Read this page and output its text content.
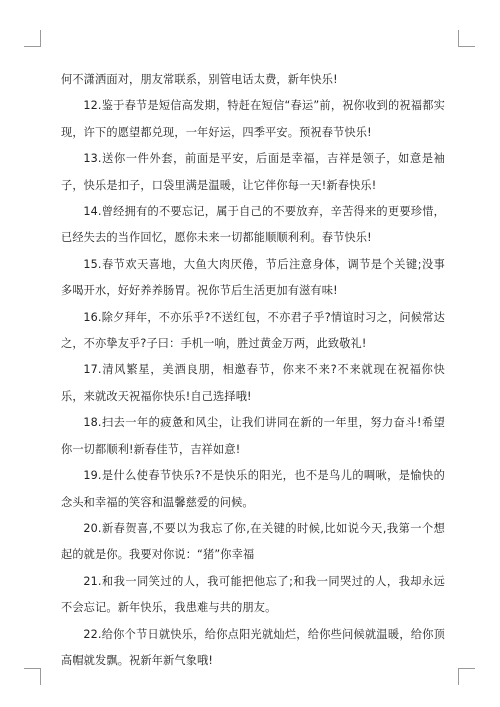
何不潇洒面对，朋友常联系，别管电话太费，新年快乐!

12.鉴于春节是短信高发期，特赶在短信“春运”前，祝你收到的祝福都实现，许下的愿望都兑现，一年好运，四季平安。预祝春节快乐!

13.送你一件外套，前面是平安，后面是幸福，吉祥是领子，如意是袖子，快乐是扣子，口袋里满是温暖，让它伴你每一天!新春快乐!

14.曾经拥有的不要忘记，属于自己的不要放弃，辛苦得来的更要珍惜，已经失去的当作回忆，愿你未来一切都能顺顺利利。春节快乐!

15.春节欢天喜地，大鱼大肉厌倦，节后注意身体，调节是个关键;没事多喝开水，好好养养肠胃。祝你节后生活更加有滋有味!

16.除夕拜年，不亦乐乎?不送红包，不亦君子乎?情谊时习之，问候常达之，不亦挚友乎?子曰：手机一响，胜过黄金万两，此致敬礼!

17.清风繁星，美酒良朋，相邀春节，你来不来?不来就现在祝福你快乐，来就改天祝福你快乐!自己选择哦!

18.扫去一年的疲惫和风尘，让我们讲同在新的一年里，努力奋斗!希望你一切都顺利!新春佳节，吉祥如意!

19.是什么使春节快乐?不是快乐的阳光，也不是鸟儿的啁啾，是愉快的念头和幸福的笑容和温馨慈爱的问候。

20.新春贺喜,不要以为我忘了你,在关键的时候,比如说今天,我第一个想起的就是你。我要对你说：“猪”你幸福

21.和我一同笑过的人，我可能把他忘了;和我一同哭过的人，我却永远不会忘记。新年快乐，我患难与共的朋友。

22.给你个节日就快乐，给你点阳光就灿烂，给你些问候就温暖，给你顶高帽就发飘。祝新年新气象哦!
